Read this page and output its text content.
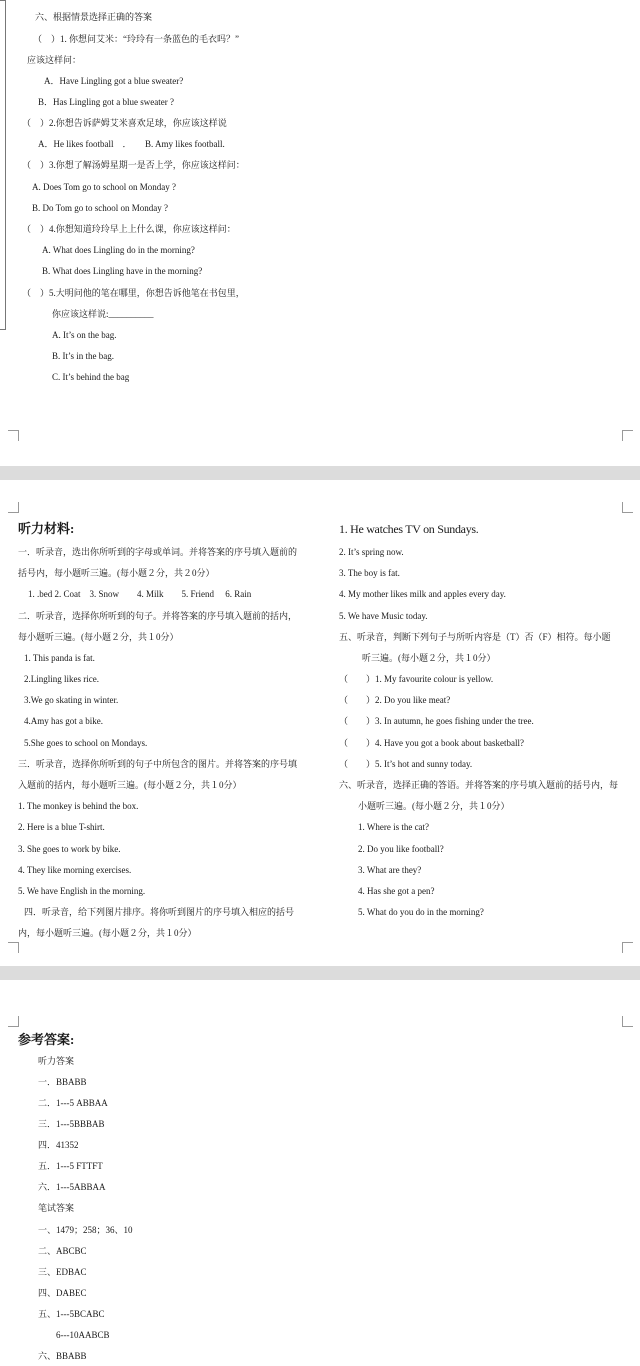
六、根据情景选择正确的答案
（　）1. 你想问艾米：“玲玲有一条蓝色的毛衣吗？”
应该这样问：
A．Have Lingling got a blue sweater?
B．Has Lingling got a blue sweater ?
（　）2.你想告诉萨姆艾米喜欢足球，你应该这样说
A．He likes football　．　　B. Amy likes football.
（　）3.你想了解汤姆星期一是否上学，你应该这样问：
A. Does Tom go to school on Monday ?
B. Do Tom go to school on Monday ?
（　）4.你想知道玲玲早上上什么课，你应该这样问：
A. What does Lingling do in the morning?
B. What does Lingling have in the morning?
（　）5.大明问他的笔在哪里，你想告诉他笔在书包里，
你应该这样说:__________
A. It’s on the bag.
B. It’s in the bag.
C. It’s behind the bag
听力材料:
一．听录音，选出你所听到的字母或单词。并将答案的序号填入题前的
括号内，每小题听三遍。(每小题２分，共２0分）
1. .bed 2. Coat　3. Snow　　4. Milk　　5. Friend　 6. Rain
二．听录音，选择你所听到的句子。并将答案的序号填入题前的括内，
每小题听三遍。(每小题２分，共１0分）
1. This panda is fat.
2.Lingling likes rice.
3.We go skating in winter.
4.Amy has got a bike.
5.She goes to school on Mondays.
三．听录音，选择你所听到的句子中所包含的图片。并将答案的序号填
入题前的括内，每小题听三遍。(每小题２分，共１0分）
1. The monkey is behind the box.
2. Here is a blue T-shirt.
3. She goes to work by bike.
4. They like morning exercises.
5. We have English in the morning.
四．听录音，给下列图片排序。将你听到图片的序号填入相应的括号
内，每小题听三遍。(每小题２分，共１0分）
1. He watches TV on Sundays.
2. It’s spring now.
3. The boy is fat.
4. My mother likes milk and apples every day.
5. We have Music today.
五、听录音，判断下列句子与所听内容是（T）否（F）相符。每小题
听三遍。(每小题２分，共１0分）
（　　）1. My favourite colour is yellow.
（　　）2. Do you like meat?
（　　）3. In autumn, he goes fishing under the tree.
（　　）4. Have you got a book about basketball?
（　　）5. It’s hot and sunny today.
六、听录音，选择正确的答语。并将答案的序号填入题前的括号内，每
小题听三遍。(每小题２分，共１0分）
1. Where is the cat?
2. Do you like football?
3. What are they?
4. Has she got a pen?
5. What do you do in the morning?
参考答案:
听力答案
一．BBABB
二．1---5 ABBAA
三．1---5BBBAB
四．41352
五．1---5 FTTFT
六．1---5ABBAA
笔试答案
一、1479；258；36、10
二、ABCBC
三、EDBAC
四、DABEC
五、1---5BCABC
6---10AABCB
六、BBABB
